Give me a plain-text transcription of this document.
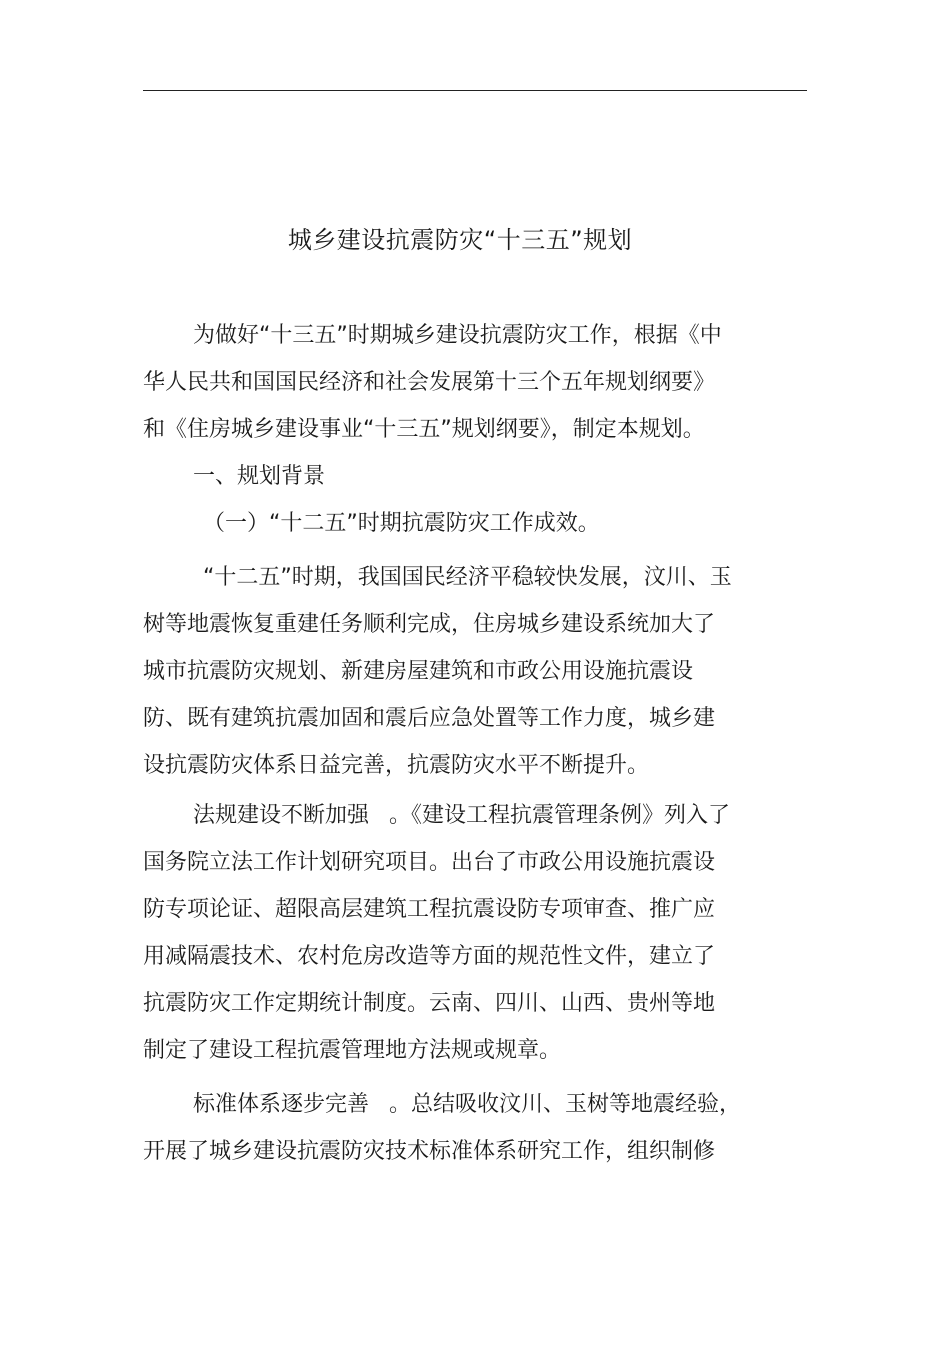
城乡建设抗震防灾“十三五”规划
为做好“十三五”时期城乡建设抗震防灾工作，根据《中
华人民共和国国民经济和社会发展第十三个五年规划纲要》
和《住房城乡建设事业“十三五”规划纲要》，制定本规划。
一、规划背景
（一）“十二五”时期抗震防灾工作成效。
“十二五”时期，我国国民经济平稳较快发展，汶川、玉
树等地震恢复重建任务顺利完成，住房城乡建设系统加大了
城市抗震防灾规划、新建房屋建筑和市政公用设施抗震设
防、既有建筑抗震加固和震后应急处置等工作力度，城乡建
设抗震防灾体系日益完善，抗震防灾水平不断提升。
法规建设不断加强 。《建设工程抗震管理条例》列入了
国务院立法工作计划研究项目。出台了市政公用设施抗震设
防专项论证、超限高层建筑工程抗震设防专项审查、推广应
用减隔震技术、农村危房改造等方面的规范性文件，建立了
抗震防灾工作定期统计制度。云南、四川、山西、贵州等地
制定了建设工程抗震管理地方法规或规章。
标准体系逐步完善 。总结吸收汶川、玉树等地震经验，
开展了城乡建设抗震防灾技术标准体系研究工作，组织制修
